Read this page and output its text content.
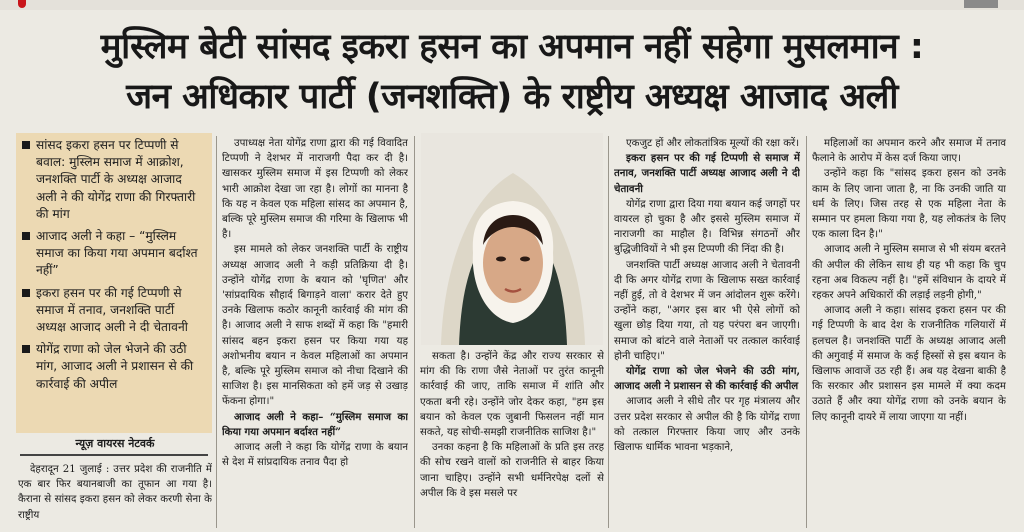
मुस्लिम बेटी सांसद इकरा हसन का अपमान नहीं सहेगा मुसलमान :
जन अधिकार पार्टी (जनशक्ति) के राष्ट्रीय अध्यक्ष आजाद अली
सांसद इकरा हसन पर टिप्पणी से बवाल: मुस्लिम समाज में आक्रोश, जनशक्ति पार्टी के अध्यक्ष आजाद अली ने की योगेंद्र राणा की गिरफ्तारी की मांग
आजाद अली ने कहा – “मुस्लिम समाज का किया गया अपमान बर्दाश्त नहीं”
इकरा हसन पर की गई टिप्पणी से समाज में तनाव, जनशक्ति पार्टी अध्यक्ष आजाद अली ने दी चेतावनी
योगेंद्र राणा को जेल भेजने की उठी मांग, आजाद अली ने प्रशासन से की कार्रवाई की अपील
न्यूज़ वायरस नेटवर्क

देहरादून 21 जुलाई : उत्तर प्रदेश की राजनीति में एक बार फिर बयानबाजी का तूफान आ गया है। कैराना से सांसद इकरा हसन को लेकर करणी सेना के राष्ट्रीय

उपाध्यक्ष नेता योगेंद्र राणा द्वारा की गई विवादित टिप्पणी ने देशभर में नाराजगी पैदा कर दी है। खासकर मुस्लिम समाज में इस टिप्पणी को लेकर भारी आक्रोश देखा जा रहा है। लोगों का मानना है कि यह न केवल एक महिला सांसद का अपमान है, बल्कि पूरे मुस्लिम समाज की गरिमा के खिलाफ भी है।

इस मामले को लेकर जनशक्ति पार्टी के राष्ट्रीय अध्यक्ष आजाद अली ने कड़ी प्रतिक्रिया दी है। उन्होंने योगेंद्र राणा के बयान को 'घृणित' और 'सांप्रदायिक सौहार्द बिगाड़ने वाला' करार देते हुए उनके खिलाफ कठोर कानूनी कार्रवाई की मांग की है। आजाद अली ने साफ शब्दों में कहा कि "हमारी सांसद बहन इकरा हसन पर किया गया यह अशोभनीय बयान न केवल महिलाओं का अपमान है, बल्कि पूरे मुस्लिम समाज को नीचा दिखाने की साजिश है। इस मानसिकता को हमें जड़ से उखाड़ फेंकना होगा।"

आजाद अली ने कहा– “मुस्लिम समाज का किया गया अपमान बर्दाश्त नहीं”

आजाद अली ने कहा कि योगेंद्र राणा के बयान से देश में सांप्रदायिक तनाव पैदा हो

सकता है। उन्होंने केंद्र और राज्य सरकार से मांग की कि राणा जैसे नेताओं पर तुरंत कानूनी कार्रवाई की जाए, ताकि समाज में शांति और एकता बनी रहे। उन्होंने जोर देकर कहा, "हम इस बयान को केवल एक जुबानी फिसलन नहीं मान सकते, यह सोची-समझी राजनीतिक साजिश है।"

उनका कहना है कि महिलाओं के प्रति इस तरह की सोच रखने वालों को राजनीति से बाहर किया जाना चाहिए। उन्होंने सभी धर्मनिरपेक्ष दलों से अपील कि वे इस मसले पर

एकजुट हों और लोकतांत्रिक मूल्यों की रक्षा करें।

इकरा हसन पर की गई टिप्पणी से समाज में तनाव, जनशक्ति पार्टी अध्यक्ष आजाद अली ने दी चेतावनी

योगेंद्र राणा द्वारा दिया गया बयान कई जगहों पर वायरल हो चुका है और इससे मुस्लिम समाज में नाराजगी का माहौल है। विभिन्न संगठनों और बुद्धिजीवियों ने भी इस टिप्पणी की निंदा की है।

जनशक्ति पार्टी अध्यक्ष आजाद अली ने चेतावनी दी कि अगर योगेंद्र राणा के खिलाफ सख्त कार्रवाई नहीं हुई, तो वे देशभर में जन आंदोलन शुरू करेंगे। उन्होंने कहा, "अगर इस बार भी ऐसे लोगों को खुला छोड़ दिया गया, तो यह परंपरा बन जाएगी। समाज को बांटने वाले नेताओं पर तत्काल कार्रवाई होनी चाहिए।"

योगेंद्र राणा को जेल भेजने की उठी मांग, आजाद अली ने प्रशासन से की कार्रवाई की अपील

आजाद अली ने सीधे तौर पर गृह मंत्रालय और उत्तर प्रदेश सरकार से अपील की है कि योगेंद्र राणा को तत्काल गिरफ्तार किया जाए और उनके खिलाफ धार्मिक भावना भड़काने,

महिलाओं का अपमान करने और समाज में तनाव फैलाने के आरोप में केस दर्ज किया जाए।

उन्होंने कहा कि "सांसद इकरा हसन को उनके काम के लिए जाना जाता है, ना कि उनकी जाति या धर्म के लिए। जिस तरह से एक महिला नेता के सम्मान पर हमला किया गया है, यह लोकतंत्र के लिए एक काला दिन है।"

आजाद अली ने मुस्लिम समाज से भी संयम बरतने की अपील की लेकिन साथ ही यह भी कहा कि चुप रहना अब विकल्प नहीं है। "हमें संविधान के दायरे में रहकर अपने अधिकारों की लड़ाई लड़नी होगी,"

आजाद अली ने कहा। सांसद इकरा हसन पर की गई टिप्पणी के बाद देश के राजनीतिक गलियारों में हलचल है। जनशक्ति पार्टी के अध्यक्ष आजाद अली की अगुवाई में समाज के कई हिस्सों से इस बयान के खिलाफ आवाजें उठ रही हैं। अब यह देखना बाकी है कि सरकार और प्रशासन इस मामले में क्या कदम उठाते हैं और क्या योगेंद्र राणा को उनके बयान के लिए कानूनी दायरे में लाया जाएगा या नहीं।
